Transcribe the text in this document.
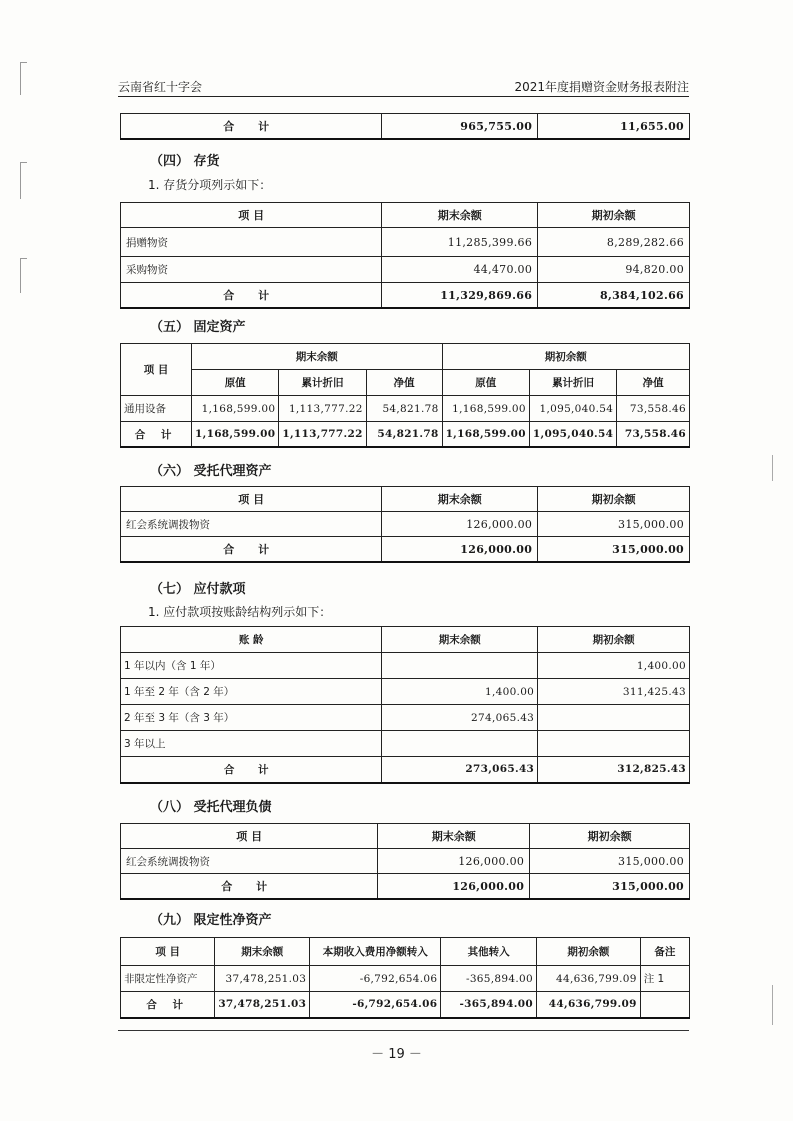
云南省红十字会	2021年度捐赠资金财务报表附注
合 计	965,755.00	11,655.00
（四） 存货
1. 存货分项列示如下：
项 目	期末余额	期初余额
捐赠物资	11,285,399.66	8,289,282.66
采购物资	44,470.00	94,820.00
合 计	11,329,869.66	8,384,102.66
（五） 固定资产
项 目	期末余额			期初余额		
	原值	累计折旧	净值	原值	累计折旧	净值
通用设备	1,168,599.00	1,113,777.22	54,821.78	1,168,599.00	1,095,040.54	73,558.46
合 计	1,168,599.00	1,113,777.22	54,821.78	1,168,599.00	1,095,040.54	73,558.46
（六） 受托代理资产
项 目	期末余额	期初余额
红会系统调拨物资	126,000.00	315,000.00
合 计	126,000.00	315,000.00
（七） 应付款项
1. 应付款项按账龄结构列示如下：
账 龄	期末余额	期初余额
1 年以内（含 1 年）		1,400.00
1 年至 2 年（含 2 年）	1,400.00	311,425.43
2 年至 3 年（含 3 年）	274,065.43	
3 年以上		
合 计	273,065.43	312,825.43
（八） 受托代理负债
项 目	期末余额	期初余额
红会系统调拨物资	126,000.00	315,000.00
合 计	126,000.00	315,000.00
（九） 限定性净资产
项 目	期末余额	本期收入费用净额转入	其他转入	期初余额	备注
非限定性净资产	37,478,251.03	-6,792,654.06	-365,894.00	44,636,799.09	注 1
合 计	37,478,251.03	-6,792,654.06	-365,894.00	44,636,799.09	
－ 19 －
